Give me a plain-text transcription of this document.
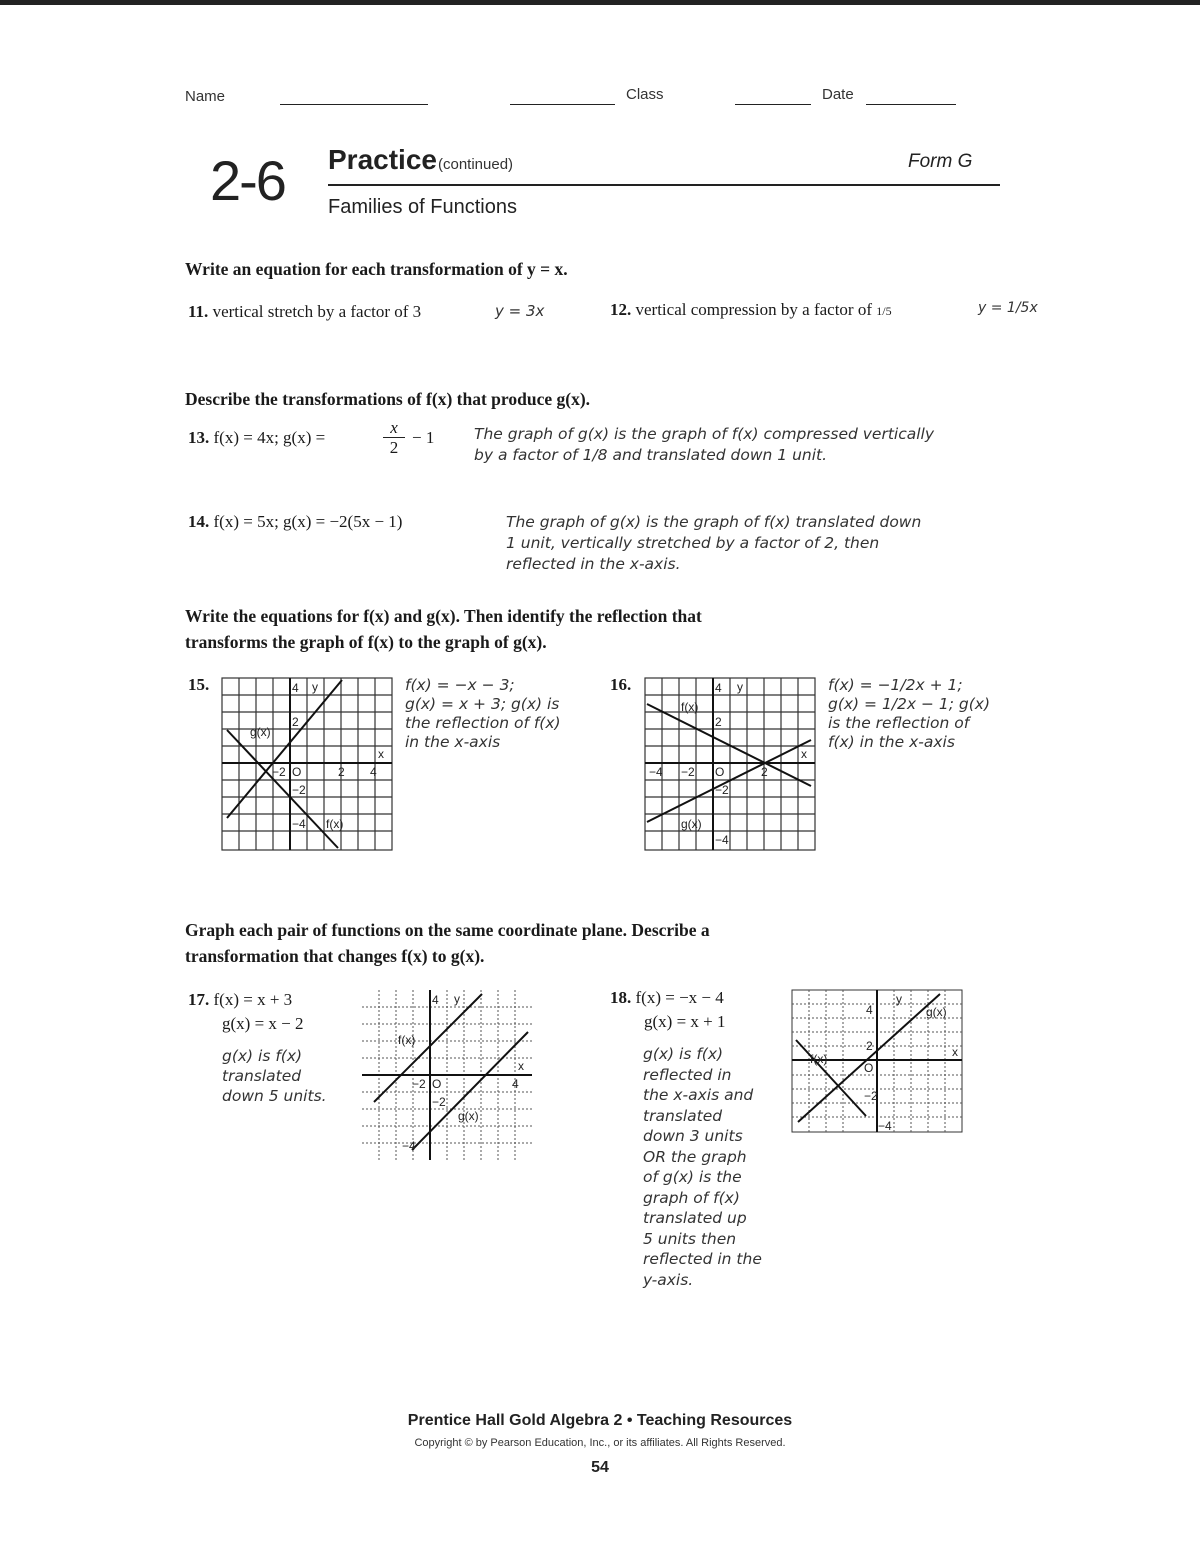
Name	Class	Date
2-6 Practice (continued)	Form G
Families of Functions
Write an equation for each transformation of y = x.
11. vertical stretch by a factor of 3	y = 3x	12. vertical compression by a factor of 1/5	y = 1/5x
Describe the transformations of f(x) that produce g(x).
13. f(x) = 4x; g(x) =	$\frac{x}{2} - 1$	The graph of g(x) is the graph of f(x) compressed vertically
by a factor of 1/8 and translated down 1 unit.
14. f(x) = 5x; g(x) = −2(5x − 1)	The graph of g(x) is the graph of f(x) translated down
1 unit, vertically stretched by a factor of 2, then
reflected in the x-axis.
Write the equations for f(x) and g(x). Then identify the reflection that
transforms the graph of f(x) to the graph of g(x).
15.
g(x)
f(x)
y
x
O
4
2
−2	2 4
−2
−4
f(x) = −x − 3;
g(x) = x + 3; g(x) is
the reflection of f(x)
in the x-axis
16.
f(x)
g(x)
y
x
O
4
2
−4 −2	2
−2
−4
f(x) = −1/2x + 1;
g(x) = 1/2x − 1; g(x)
is the reflection of
f(x) in the x-axis
Graph each pair of functions on the same coordinate plane. Describe a
transformation that changes f(x) to g(x).
17. f(x) = x + 3
g(x) = x − 2
g(x) is f(x)
translated
down 5 units.
f(x)
g(x)
y
x
O
4
−2	4
−2
−4
18. f(x) = −x − 4
g(x) = x + 1
g(x) is f(x)
reflected in
the x-axis and
translated
down 3 units
OR the graph
of g(x) is the
graph of f(x)
translated up
5 units then
reflected in the
y-axis.
f(x)
g(x)
y
x
O
2
4
−2
−4
Prentice Hall Gold Algebra 2 • Teaching Resources
Copyright © by Pearson Education, Inc., or its affiliates. All Rights Reserved.
54
